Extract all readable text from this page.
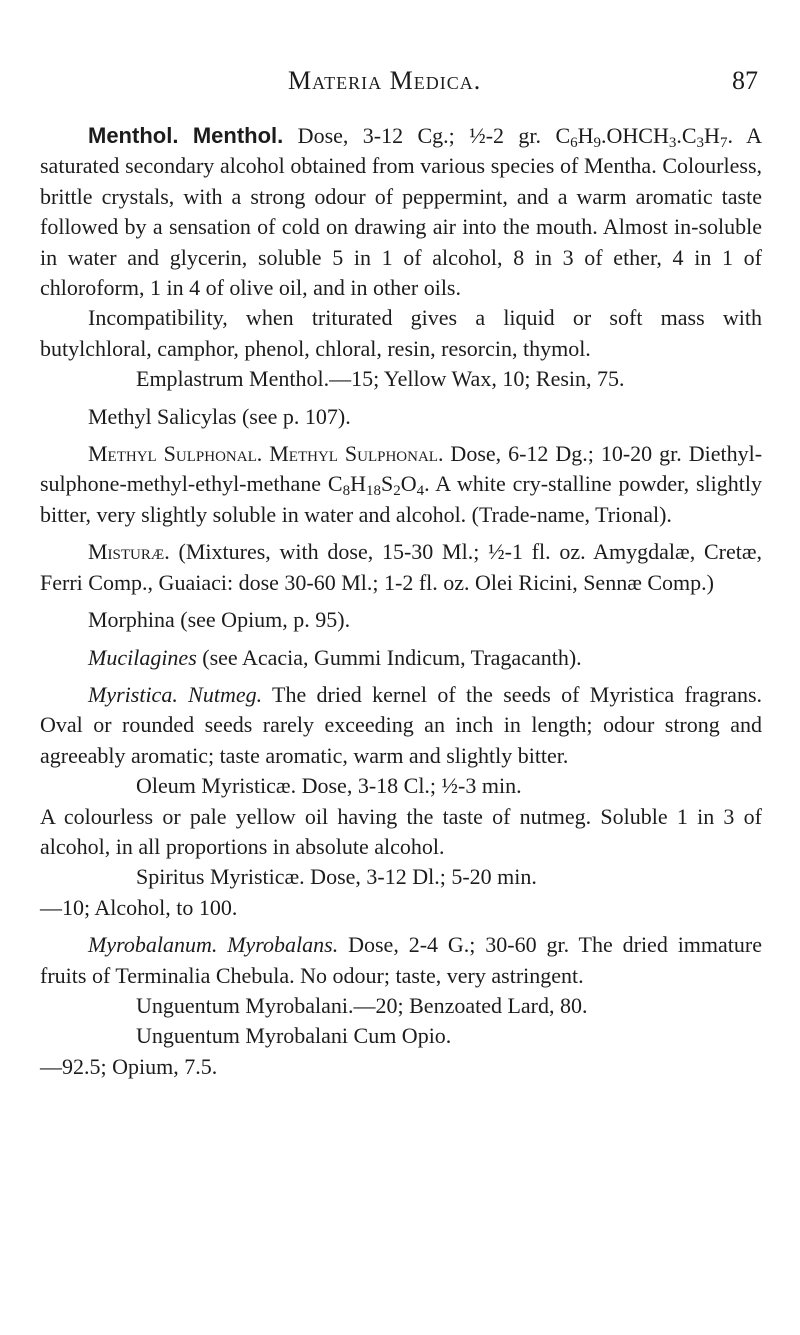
Materia Medica.	87

Menthol. Menthol. Dose, 3-12 Cg.; ½-2 gr. $C_6H_9.OHCH_3.C_3H_7$. A saturated secondary alcohol obtained from various species of Mentha. Colourless, brittle crystals, with a strong odour of peppermint, and a warm aromatic taste followed by a sensation of cold on drawing air into the mouth. Almost in-soluble in water and glycerin, soluble 5 in 1 of alcohol, 8 in 3 of ether, 4 in 1 of chloroform, 1 in 4 of olive oil, and in other oils.

Incompatibility, when triturated gives a liquid or soft mass with butylchloral, camphor, phenol, chloral, resin, resorcin, thymol.

Emplastrum Menthol.—15; Yellow Wax, 10; Resin, 75.

Methyl Salicylas (see p. 107).

Methyl Sulphonal. Methyl Sulphonal. Dose, 6-12 Dg.; 10-20 gr. Diethyl-sulphone-methyl-ethyl-methane $C_8H_{18}S_2O_4$. A white cry-stalline powder, slightly bitter, very slightly soluble in water and alcohol. (Trade-name, Trional).

Misturæ. (Mixtures, with dose, 15-30 Ml.; ½-1 fl. oz. Amygdalæ, Cretæ, Ferri Comp., Guaiaci: dose 30-60 Ml.; 1-2 fl. oz. Olei Ricini, Sennæ Comp.)

Morphina (see Opium, p. 95).

Mucilagines (see Acacia, Gummi Indicum, Tragacanth).

Myristica. Nutmeg. The dried kernel of the seeds of Myristica fragrans. Oval or rounded seeds rarely exceeding an inch in length; odour strong and agreeably aromatic; taste aromatic, warm and slightly bitter.

Oleum Myristicæ. Dose, 3-18 Cl.; ½-3 min.

A colourless or pale yellow oil having the taste of nutmeg. Soluble 1 in 3 of alcohol, in all proportions in absolute alcohol.

Spiritus Myristicæ. Dose, 3-12 Dl.; 5-20 min.

—10; Alcohol, to 100.

Myrobalanum. Myrobalans. Dose, 2-4 G.; 30-60 gr. The dried immature fruits of Terminalia Chebula. No odour; taste, very astringent.

Unguentum Myrobalani.—20; Benzoated Lard, 80.

Unguentum Myrobalani Cum Opio.

—92.5; Opium, 7.5.
